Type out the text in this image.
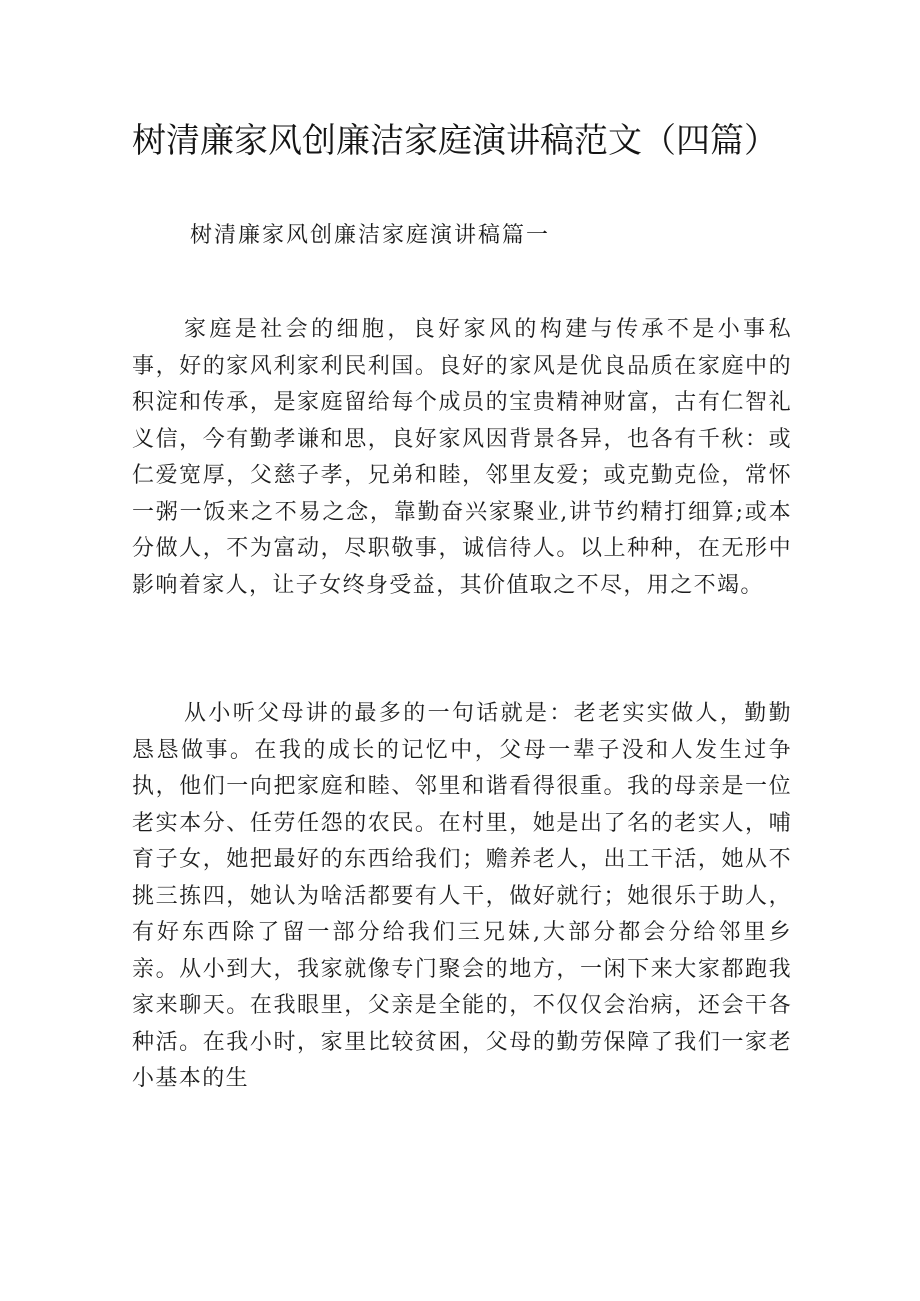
树清廉家风创廉洁家庭演讲稿范文（四篇）
树清廉家风创廉洁家庭演讲稿篇一

家庭是社会的细胞，良好家风的构建与传承不是小事私事，好的家风利家利民利国。良好的家风是优良品质在家庭中的积淀和传承，是家庭留给每个成员的宝贵精神财富，古有仁智礼义信，今有勤孝谦和思，良好家风因背景各异，也各有千秋：或仁爱宽厚，父慈子孝，兄弟和睦，邻里友爱；或克勤克俭，常怀一粥一饭来之不易之念，靠勤奋兴家聚业,讲节约精打细算;或本分做人，不为富动，尽职敬事，诚信待人。以上种种，在无形中影响着家人，让子女终身受益，其价值取之不尽，用之不竭。

从小听父母讲的最多的一句话就是：老老实实做人，勤勤恳恳做事。在我的成长的记忆中，父母一辈子没和人发生过争执，他们一向把家庭和睦、邻里和谐看得很重。我的母亲是一位老实本分、任劳任怨的农民。在村里，她是出了名的老实人，哺育子女，她把最好的东西给我们；赡养老人，出工干活，她从不挑三拣四，她认为啥活都要有人干，做好就行；她很乐于助人，有好东西除了留一部分给我们三兄妹,大部分都会分给邻里乡亲。从小到大，我家就像专门聚会的地方，一闲下来大家都跑我家来聊天。在我眼里，父亲是全能的，不仅仅会治病，还会干各种活。在我小时，家里比较贫困，父母的勤劳保障了我们一家老小基本的生
